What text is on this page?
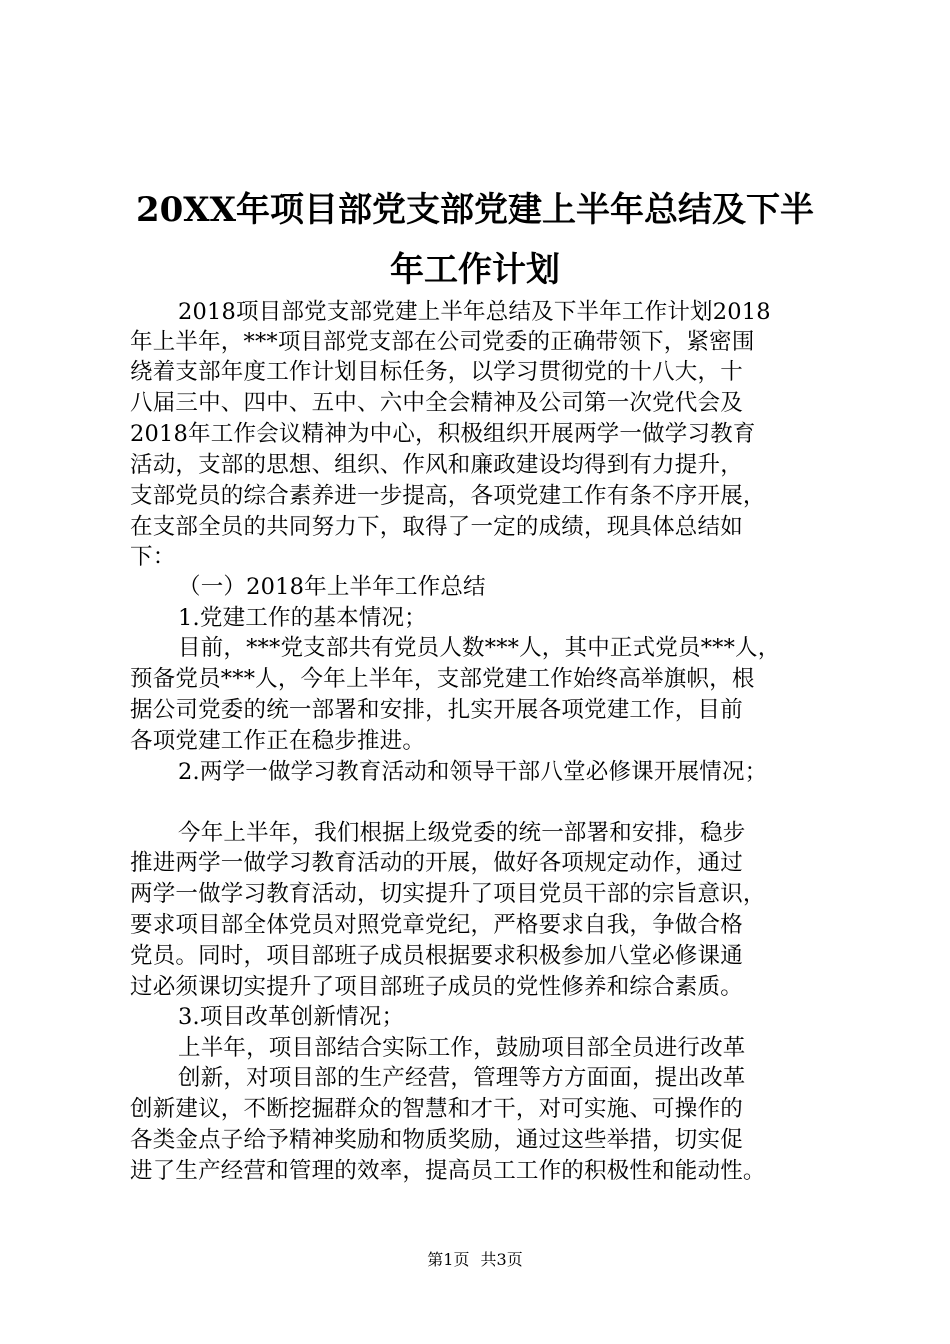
20XX年项目部党支部党建上半年总结及下半
年工作计划
2018项目部党支部党建上半年总结及下半年工作计划2018
年上半年，***项目部党支部在公司党委的正确带领下，紧密围
绕着支部年度工作计划目标任务，以学习贯彻党的十八大，十
八届三中、四中、五中、六中全会精神及公司第一次党代会及
2018年工作会议精神为中心，积极组织开展两学一做学习教育
活动，支部的思想、组织、作风和廉政建设均得到有力提升，
支部党员的综合素养进一步提高，各项党建工作有条不序开展，
在支部全员的共同努力下，取得了一定的成绩，现具体总结如
下：
（一）2018年上半年工作总结
1.党建工作的基本情况；
目前，***党支部共有党员人数***人，其中正式党员***人，
预备党员***人，今年上半年，支部党建工作始终高举旗帜，根
据公司党委的统一部署和安排，扎实开展各项党建工作，目前
各项党建工作正在稳步推进。
2.两学一做学习教育活动和领导干部八堂必修课开展情况；
今年上半年，我们根据上级党委的统一部署和安排，稳步
推进两学一做学习教育活动的开展，做好各项规定动作，通过
两学一做学习教育活动，切实提升了项目党员干部的宗旨意识，
要求项目部全体党员对照党章党纪，严格要求自我，争做合格
党员。同时，项目部班子成员根据要求积极参加八堂必修课通
过必须课切实提升了项目部班子成员的党性修养和综合素质。
3.项目改革创新情况；
上半年，项目部结合实际工作，鼓励项目部全员进行改革
创新，对项目部的生产经营，管理等方方面面，提出改革
创新建议，不断挖掘群众的智慧和才干，对可实施、可操作的
各类金点子给予精神奖励和物质奖励，通过这些举措，切实促
进了生产经营和管理的效率，提高员工工作的积极性和能动性。
第1页 共3页
